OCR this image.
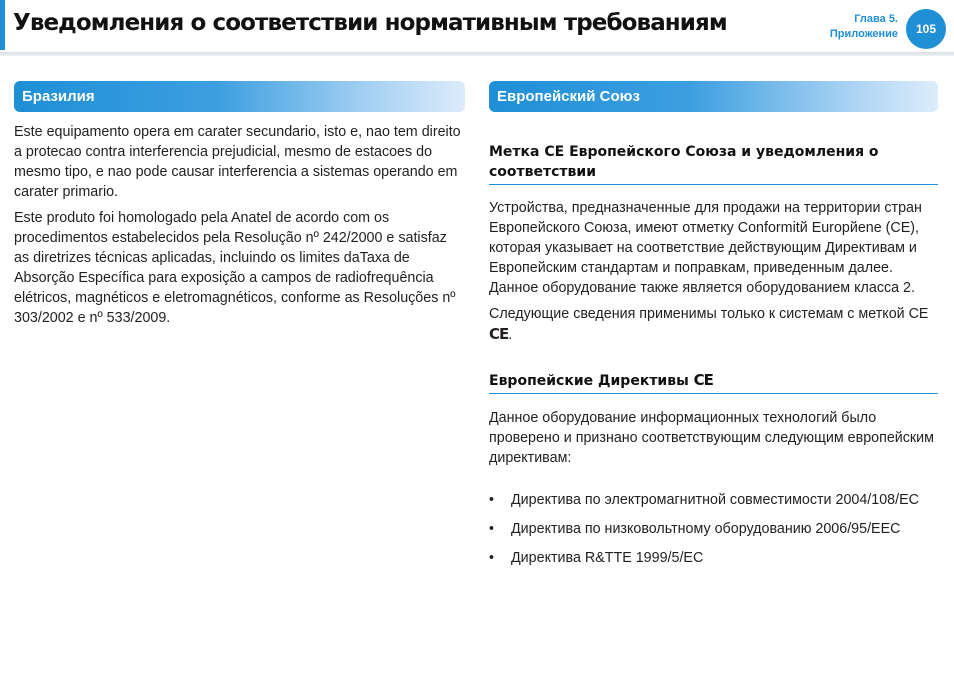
Уведомления о соответствии нормативным требованиям	Глава 5.
Приложение	105
Бразилия

Este equipamento opera em carater secundario, isto e, nao tem direito a protecao contra interferencia prejudicial, mesmo de estacoes do mesmo tipo, e nao pode causar interferencia a sistemas operando em carater primario.

Este produto foi homologado pela Anatel de acordo com os procedimentos estabelecidos pela Resolução nº 242/2000 e satisfaz as diretrizes técnicas aplicadas, incluindo os limites daTaxa de Absorção Específica para exposição a campos de radiofrequência elétricos, magnéticos e eletromagnéticos, conforme as Resoluções nº 303/2002 e nº 533/2009.

Европейский Союз
Метка CE Европейского Союза и уведомления о соответствии

Устройства, предназначенные для продажи на территории стран Европейского Союза, имеют отметку Conformitй Europйene (CE), которая указывает на соответствие действующим Директивам и Европейским стандартам и поправкам, приведенным далее. Данное оборудование также является оборудованием класса 2.

Следующие сведения применимы только к системам с меткой CE CE.

Европейские Директивы CE

Данное оборудование информационных технологий было проверено и признано соответствующим следующим европейским директивам:

• Директива по электромагнитной совместимости 2004/108/EC
• Директива по низковольтному оборудованию 2006/95/EEC
• Директива R&TTE 1999/5/EC
